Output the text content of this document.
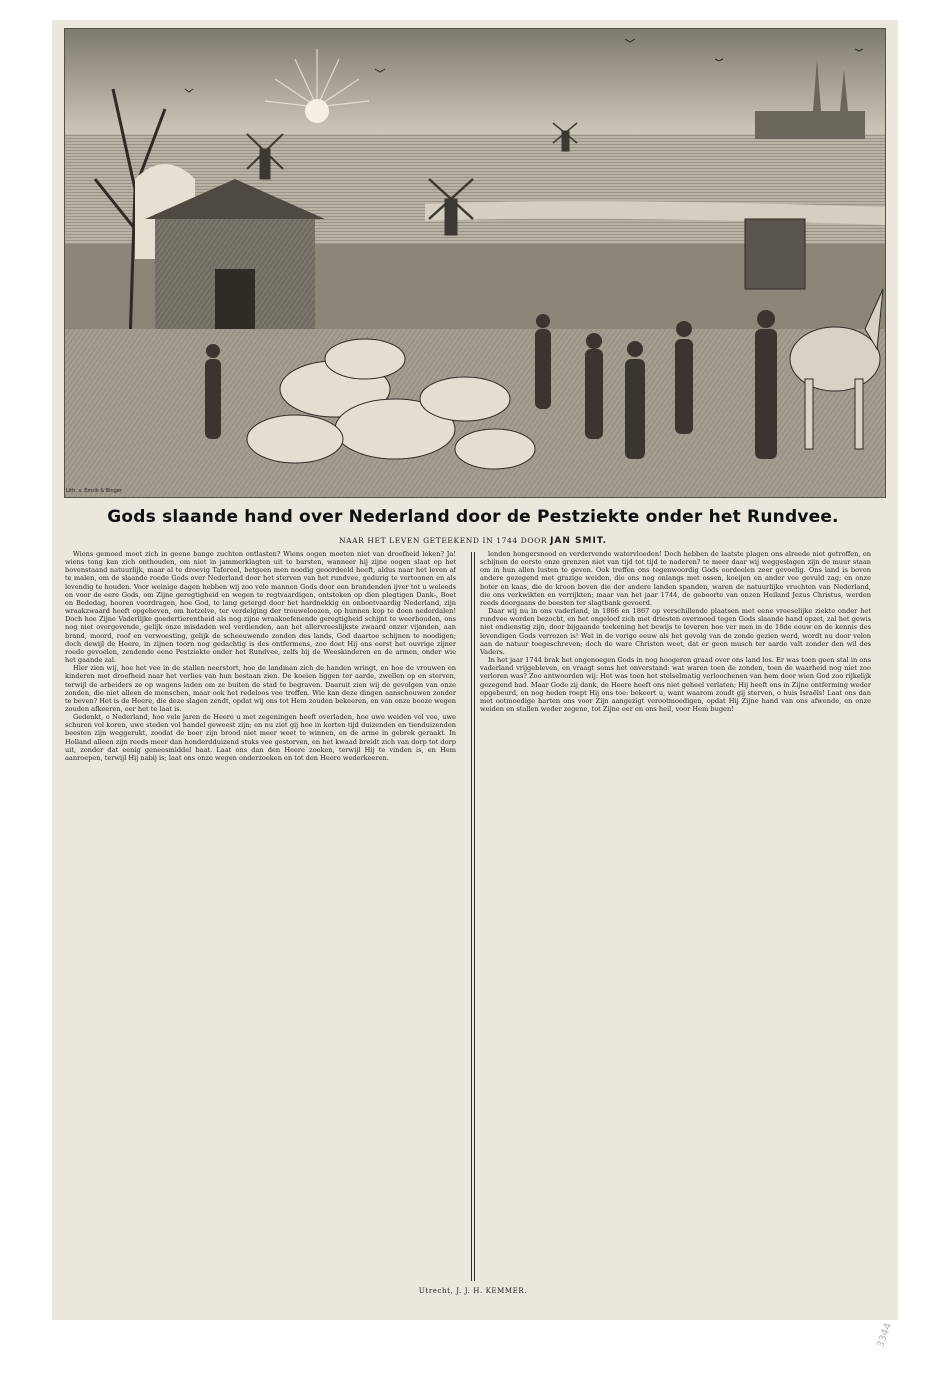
Lith. v. Emrik & Binger
Gods slaande hand over Nederland door de Pestziekte onder het Rundvee.
NAAR HET LEVEN GETEEKEND IN 1744 DOOR JAN SMIT.

Wiens gemoed moet zich in geene bange zuchten ontlasten? Wiens oogen moeten niet van droefheid leken? Ja! wiens tong kan zich onthouden, om niet in jammerklagten uit te barsten, wanneer hij zijne oogen slaat op het bovenstaand natuurlijk, maar al te droevig Tafereel, betgeen men noodig geoordeeld heeft, aldus naar het leven af te malen, om de slaande roede Gods over Nederland door het sterven van het rundvee, gedurig te vertoonen en als levendig te houden. Voor weinige dagen hebben wij zoo vele mannen Gods door een brandenden ijver tot u weleeds en voor de eere Gods, om Zijne geregtigheid en wegen te regtvaardigen, ontstoken op dien plegtigen Dank-, Boet en Bededag, hooren voordragen, hoe God, te lang getergd door het hardnekkig en onboetvaardig Nederland, zijn wraakzwaard heeft opgeheven, om hetzelve, ter verdelging der trouweloozen, op hunnen kop te doen nederdalen! Doch hoe Zijne Vaderlijke goedertierentheid als nog zijne wraakoefenende geregtigheid schijnt te weerhouden, ons nog niet overgevende, gelijk onze misdaden wel verdienden, aan het allervreeslijkste zwaard onzer vijanden, aan brand, moord, roof en verwoesting, gelijk de scheeuwende zonden des lands, God daartoe schijnen te noodigen; doch dewijl de Heere, in zijnen toorn nog gedachtig is des ontfermens, zoo doet Hij ons eerst het ouvrige zijner roede gevoelen, zendende eene Pestziekte onder het Rundvee, zelfs bij de Weeskinderen en de armen, onder wie het gaande zal.

Hier zien wij, hoe het vee in de stallen neerstort, hoe de landman zich de handen wringt, en hoe de vrouwen en kinderen met droefheid naar het verlies van hun bestaan zien. De koeien liggen ter aarde, zwellen op en sterven, terwijl de arbeiders ze op wagens laden om ze buiten de stad te begraven. Daaruit zien wij de gevolgen van onze zonden, die niet alleen de menschen, maar ook het redeloos vee treffen. Wie kan deze dingen aanschouwen zonder te beven? Het is de Heere, die deze slagen zendt, opdat wij ons tot Hem zouden bekeeren, en van onze booze wegen zouden afkeeren, eer het te laat is.

Gedenkt, o Nederland, hoe vele jaren de Heere u met zegeningen heeft overladen, hoe uwe weiden vol vee, uwe schuren vol koren, uwe steden vol handel geweest zijn; en nu ziet gij hoe in korten tijd duizenden en tienduizenden beesten zijn weggerukt, zoodat de boer zijn brood niet meer weet te winnen, en de arme in gebrek geraakt. In Holland alleen zijn reeds meer dan honderdduizend stuks vee gestorven, en het kwaad breidt zich van dorp tot dorp uit, zonder dat eenig geneesmiddel baat. Laat ons dan den Heere zoeken, terwijl Hij te vinden is, en Hem aanroepen, terwijl Hij nabij is; laat ons onze wegen onderzoeken en tot den Heere wederkeeren.

lenden hongersnood en verdervende watervloeden! Doch hebben de laatste plagen ons alreede niet getroffen, en schijnen de eerste onze grenzen niet van tijd tot tijd te naderen? te meer daar wij weggeslagen zijn de muur staan om in hun allen lusten te geven. Ook treffen ons tegenwoordig Gods oordeelen zeer gevoelig. Ons land is boven andere gezegend met grazige weiden, die ons nog onlangs met ossen, koeijen en ander vee gevuld zag; en onze boter en kaas, die de kroon boven die der andere landen spanden, waren de natuurlijke vruchten van Nederland, die ons verkwikten en verrijkten; maar van het jaar 1744, de geboorte van onzen Heiland Jezus Christus, werden reeds doorgaans de beesten ter slagtbank gevoerd.

Daar wij nu in ons vaderland, in 1866 en 1867 op verschillende plaatsen met eene vreeselijke ziekte onder het rundvee worden bezocht, en het ongeloof zich met driesten overmoed tegen Gods slaande hand opzet, zal het gewis niet ondienstig zijn, door bijgaande teekening het bewijs te leveren hoe ver men in de 18de eeuw en de kennis des levendigen Gods verrezen is! Wat in de vorige eeuw als het gevolg van de zonde gezien werd, wordt nu door velen aan de natuur toegeschreven; doch de ware Christen weet, dat er geen musch ter aarde valt zonder den wil des Vaders.

In het jaar 1744 brak het ongenoegen Gods in nog hoogeren graad over ons land los. Er was toen geen stal in ons vaderland vrijgebleven, en vraagt soms het onverstand: wat waren toen de zonden, toen de waarheid nog niet zoo verloren was? Zoo antwoorden wij: Het was toen het stelselmatig verloochenen van hem door wien God zoo rijkelijk gezegend had. Maar Gode zij dank, de Heere heeft ons niet geheel verlaten; Hij heeft ons in Zijne ontferming weder opgebeurd, en nog heden roept Hij ons toe: bekeert u, want waarom zoudt gij sterven, o huis Israëls! Laat ons dan met ootmoedige harten ons voor Zijn aangezigt verootmoedigen, opdat Hij Zijne hand van ons afwende, en onze weiden en stallen weder zegene, tot Zijne eer en ons heil, voor Hem bugen!

Utrecht, J. J. H. KEMMER.
3344
